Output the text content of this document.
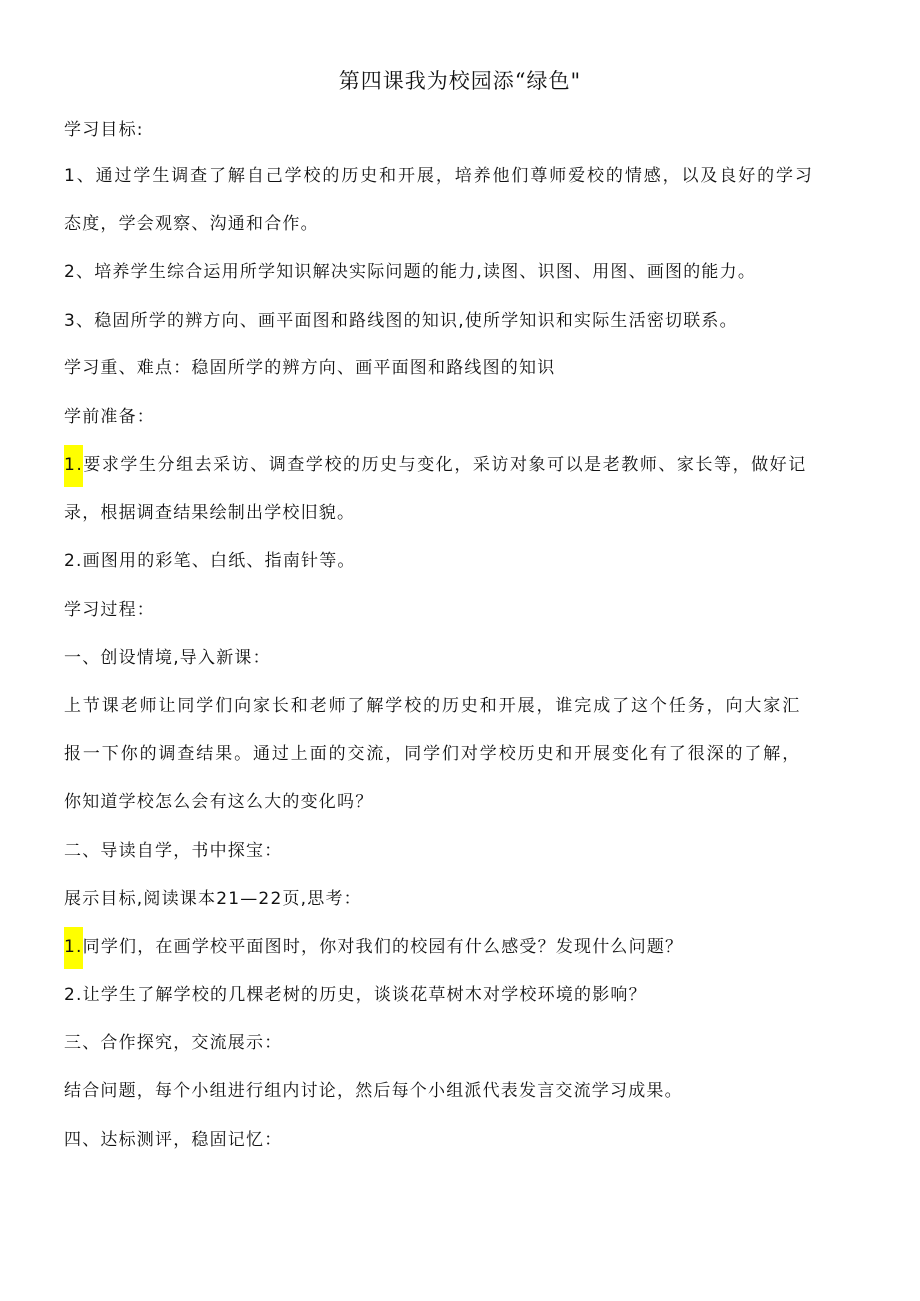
第四课我为校园添“绿色"
学习目标:
1、通过学生调查了解自己学校的历史和开展，培养他们尊师爱校的情感，以及良好的学习
态度，学会观察、沟通和合作。
2、培养学生综合运用所学知识解决实际问题的能力,读图、识图、用图、画图的能力。
3、稳固所学的辨方向、画平面图和路线图的知识,使所学知识和实际生活密切联系。
学习重、难点：稳固所学的辨方向、画平面图和路线图的知识
学前准备：
1.要求学生分组去采访、调查学校的历史与变化，采访对象可以是老教师、家长等，做好记
录，根据调查结果绘制出学校旧貌。
2.画图用的彩笔、白纸、指南针等。
学习过程：
一、创设情境,导入新课：
上节课老师让同学们向家长和老师了解学校的历史和开展，谁完成了这个任务，向大家汇
报一下你的调查结果。通过上面的交流，同学们对学校历史和开展变化有了很深的了解，
你知道学校怎么会有这么大的变化吗？
二、导读自学，书中探宝：
展示目标,阅读课本21—22页,思考：
1.同学们，在画学校平面图时，你对我们的校园有什么感受？发现什么问题？
2.让学生了解学校的几棵老树的历史，谈谈花草树木对学校环境的影响？
三、合作探究，交流展示：
结合问题，每个小组进行组内讨论，然后每个小组派代表发言交流学习成果。
四、达标测评，稳固记忆：
